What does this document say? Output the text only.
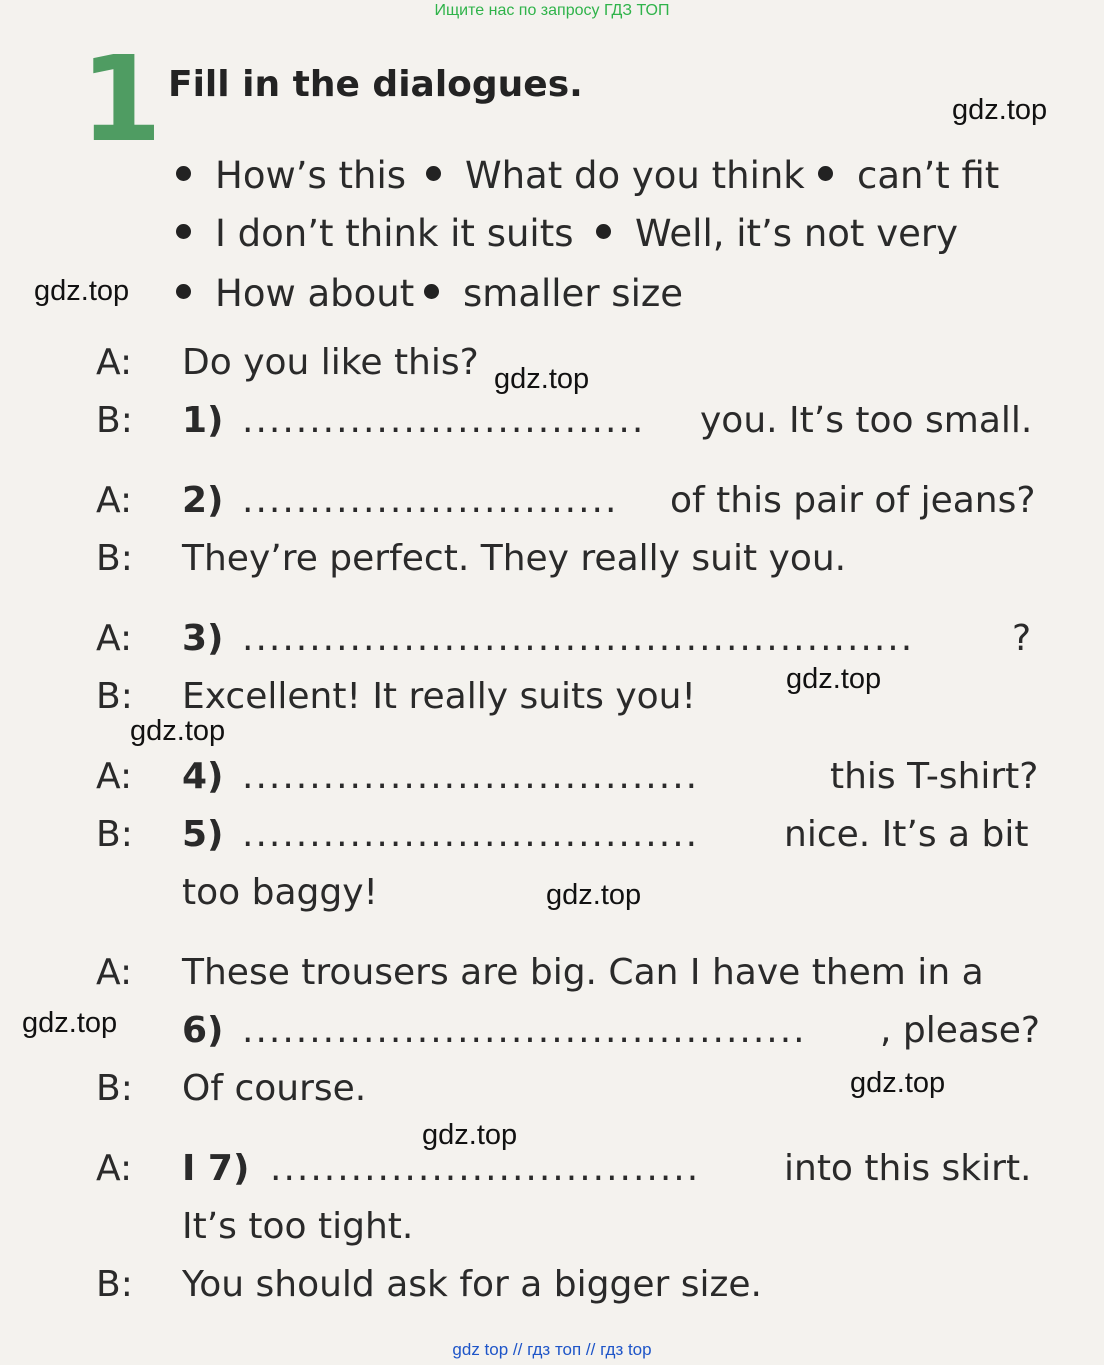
Ищите нас по запросу ГДЗ ТОП
gdz top // гдз топ // гдз top
1 Fill in the dialogues.
How’s this	What do you think	can’t fit
I don’t think it suits	Well, it’s not very
How about	smaller size
A: Do you like this?
B: 1) .............................. you. It’s too small.
A: 2) ............................ of this pair of jeans?
B: They’re perfect. They really suit you.
A: 3) ..................................................	?
B: Excellent! It really suits you!
A: 4) ..................................	this T-shirt?
B: 5) .................................. nice. It’s a bit
too baggy!
A: These trousers are big. Can I have them in a
6) .......................................... , please?
B: Of course.
A: I 7) ................................ into this skirt.
It’s too tight.
B: You should ask for a bigger size.
gdz.top
gdz.top
gdz.top
gdz.top
gdz.top
gdz.top
gdz.top
gdz.top
gdz.top
